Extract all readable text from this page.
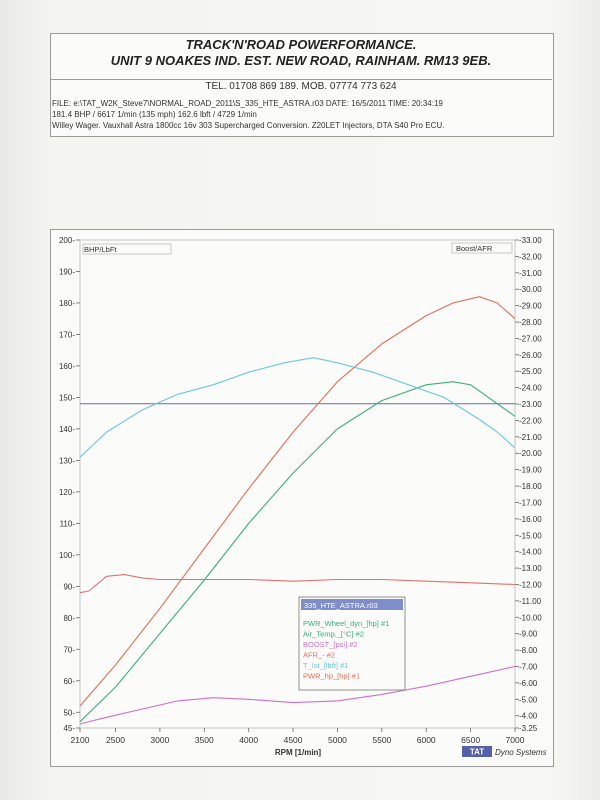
TRACK'N'ROAD POWERFORMANCE.
UNIT 9 NOAKES IND. EST. NEW ROAD, RAINHAM. RM13 9EB.
TEL. 01708 869 189. MOB. 07774 773 624
FILE: e:\TAT_W2K_Steve7\NORMAL_ROAD_2011\S_335_HTE_ASTRA.r03 DATE: 16/5/2011 TIME: 20:34:19
181.4 BHP / 6617 1/min (135 mph) 162.6 lbft / 4729 1/min
Willey Wager. Vauxhall Astra 1800cc 16v 303 Supercharged Conversion. Z20LET Injectors, DTA S40 Pro ECU.
45-
50-
60-
70-
80-
90-
100-
110-
120-
130-
140-
150-
160-
170-
180-
190-
200-
-3.25
-4.00
-5.00
-6.00
-7.00
-8.00
-9.00
-10.00
-11.00
-12.00
-13.00
-14.00
-15.00
-16.00
-17.00
-18.00
-19.00
-20.00
-21.00
-22.00
-23.00
-24.00
-25.00
-26.00
-27.00
-28.00
-29.00
-30.00
-31.00
-32.00
-33.00
2100 2500	3000	3500	4000	4500	5000	5500	6000	6500	7000
BHP/LbFt	Boost/AFR
RPM [1/min]
335_HTE_ASTRA.r03
PWR_Wheel_dyn_[hp] #1
Air_Temp._[°C] #2
BOOST_[psi] #2
AFR_- #2
T_Ist_[lbft] #1
PWR_hp_[hp] #1
TAT Dyno Systems
